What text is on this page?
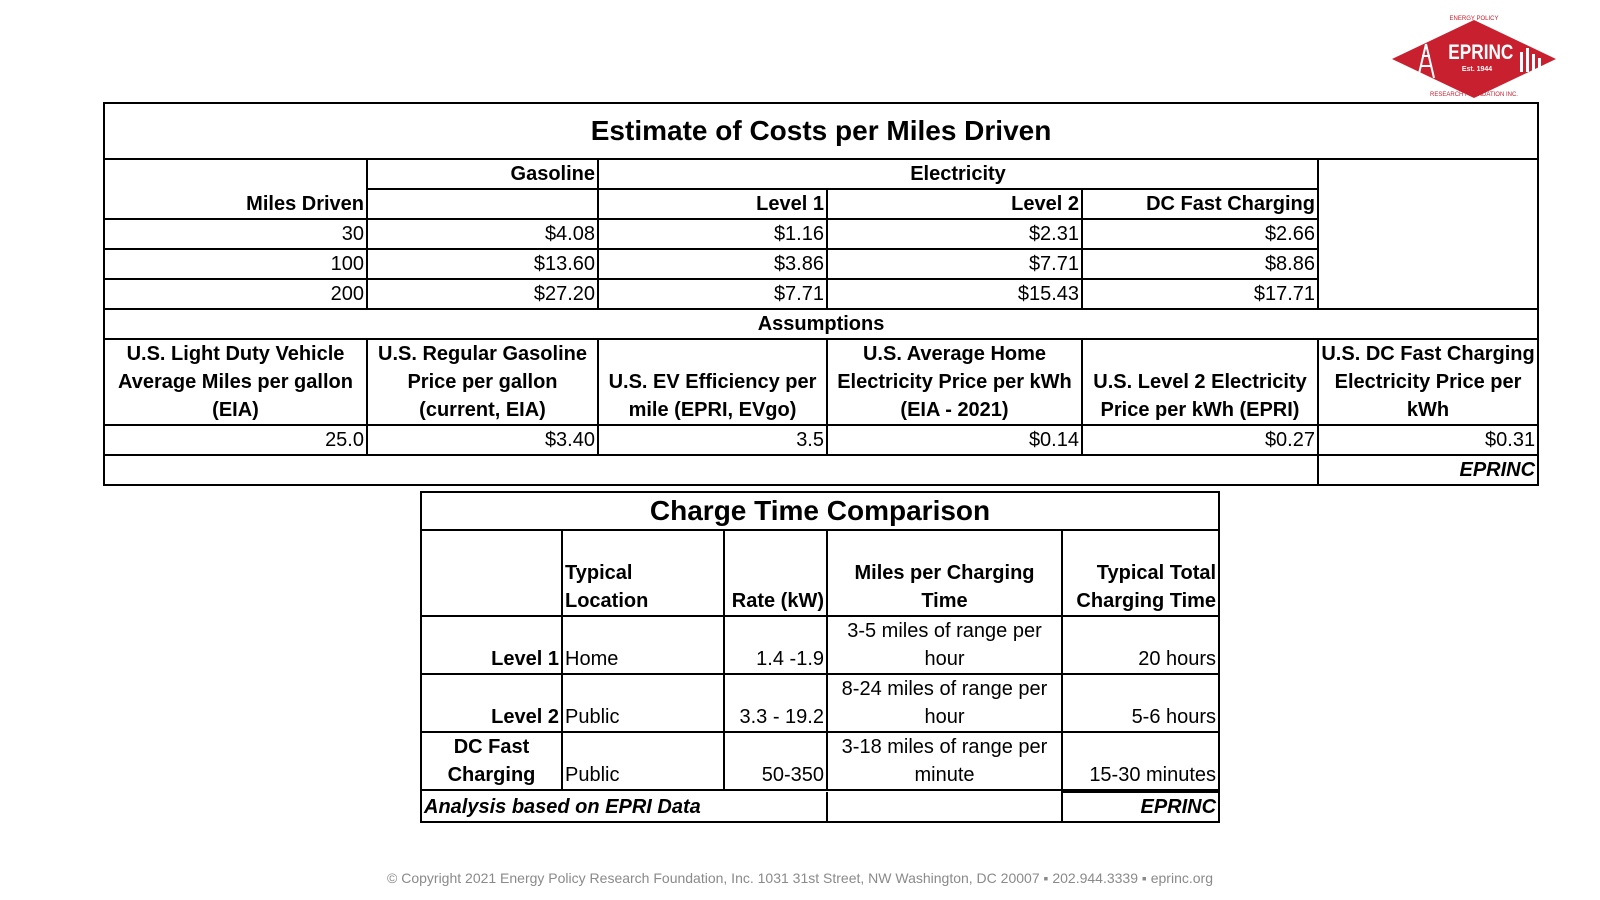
EPRINC
Est. 1944
ENERGY POLICY
RESEARCH FOUNDATION INC.
Estimate of Costs per Miles Driven					
	Gasoline	Electricity			
Miles Driven		Level 1	Level 2	DC Fast Charging	
30	$4.08	$1.16	$2.31	$2.66	
100	$13.60	$3.86	$7.71	$8.86	
200	$27.20	$7.71	$15.43	$17.71	
Assumptions					
U.S. Light Duty Vehicle Average Miles per gallon (EIA)	U.S. Regular Gasoline Price per gallon (current, EIA)	U.S. EV Efficiency per mile (EPRI, EVgo)	U.S. Average Home Electricity Price per kWh (EIA - 2021)	U.S. Level 2 Electricity Price per kWh (EPRI)	U.S. DC Fast Charging Electricity Price per kWh
25.0	$3.40	3.5	$0.14	$0.27	$0.31
					EPRINC
Charge Time Comparison				
	Typical Location	Rate (kW)	Miles per Charging Time	Typical Total Charging Time
Level 1	Home	1.4 -1.9	3-5 miles of range per hour	20 hours
Level 2	Public	3.3 - 19.2	8-24 miles of range per hour	5-6 hours
DC Fast Charging	Public	50-350	3-18 miles of range per minute	15-30 minutes

Analysis based on EPRI Data				EPRINC
© Copyright 2021 Energy Policy Research Foundation, Inc. 1031 31st Street, NW Washington, DC 20007 ▪ 202.944.3339 ▪ eprinc.org
